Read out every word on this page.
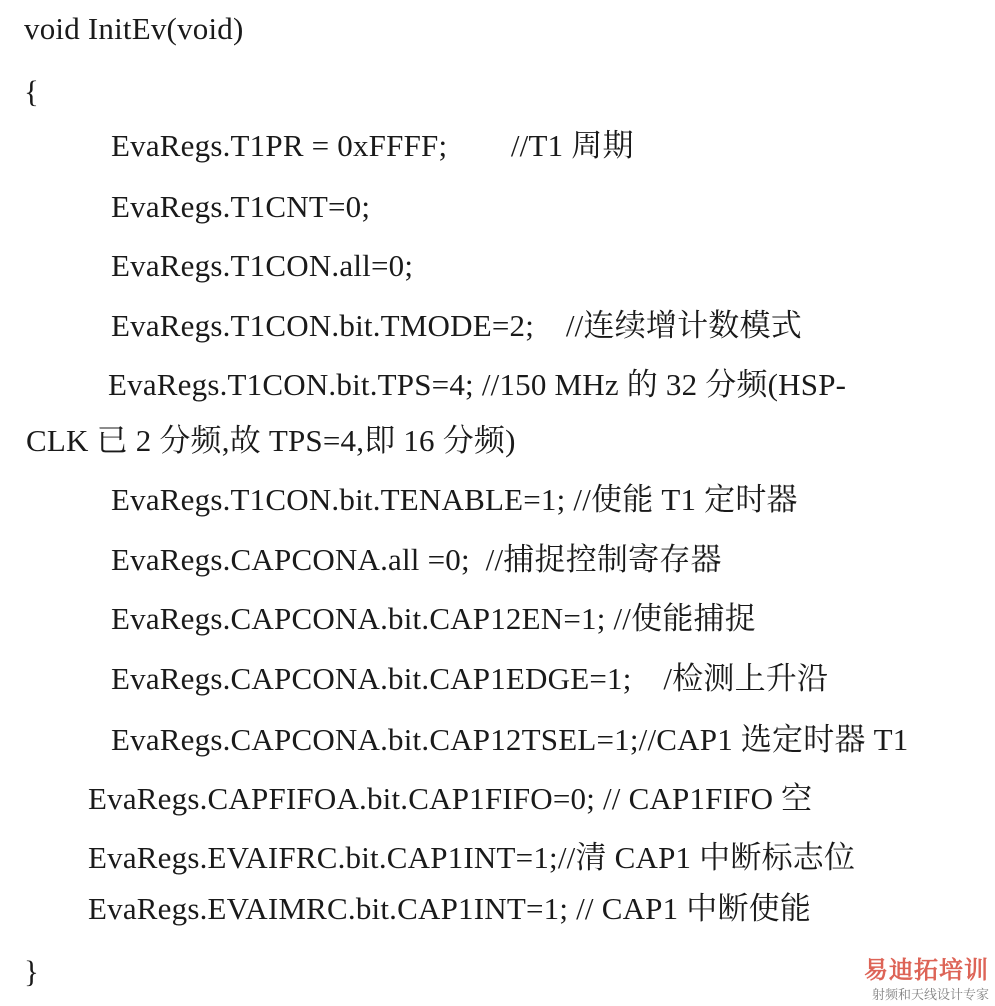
void InitEv(void)
{
EvaRegs.T1PR = 0xFFFF;        //T1 周期
EvaRegs.T1CNT=0;
EvaRegs.T1CON.all=0;
EvaRegs.T1CON.bit.TMODE=2;    //连续增计数模式
EvaRegs.T1CON.bit.TPS=4; //150 MHz 的 32 分频(HSP-
CLK 已 2 分频,故 TPS=4,即 16 分频)
EvaRegs.T1CON.bit.TENABLE=1; //使能 T1 定时器
EvaRegs.CAPCONA.all =0;  //捕捉控制寄存器
EvaRegs.CAPCONA.bit.CAP12EN=1; //使能捕捉
EvaRegs.CAPCONA.bit.CAP1EDGE=1;    /检测上升沿
EvaRegs.CAPCONA.bit.CAP12TSEL=1;//CAP1 选定时器 T1
EvaRegs.CAPFIFOA.bit.CAP1FIFO=0; // CAP1FIFO 空
EvaRegs.EVAIFRC.bit.CAP1INT=1;//清 CAP1 中断标志位
EvaRegs.EVAIMRC.bit.CAP1INT=1; // CAP1 中断使能
}	易迪拓培训
射频和天线设计专家
